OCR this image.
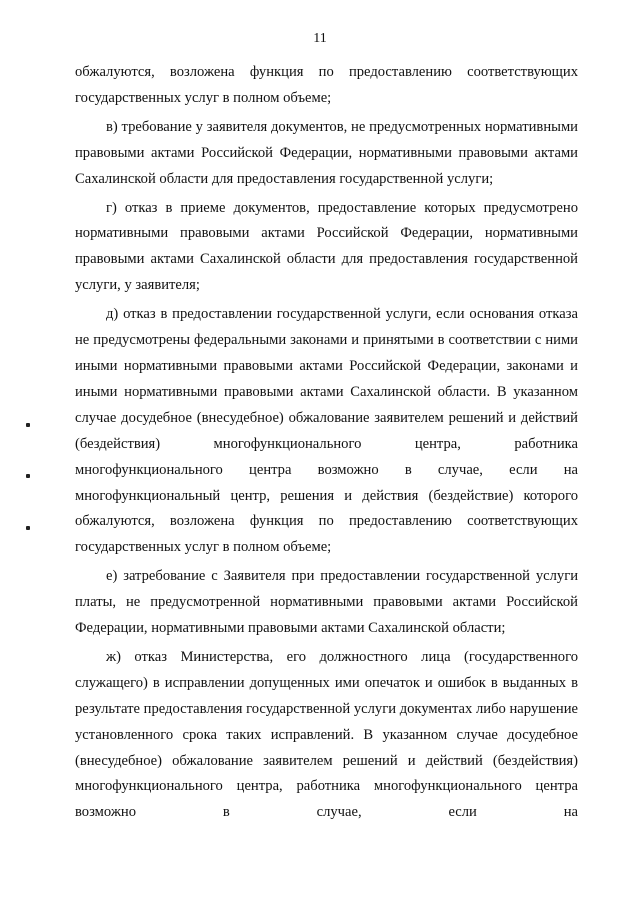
11

обжалуются, возложена функция по предоставлению соответствующих государственных услуг в полном объеме;

в) требование у заявителя документов, не предусмотренных нормативными правовыми актами Российской Федерации, нормативными правовыми актами Сахалинской области для предоставления государственной услуги;

г) отказ в приеме документов, предоставление которых предусмотрено нормативными правовыми актами Российской Федерации, нормативными правовыми актами Сахалинской области для предоставления государственной услуги, у заявителя;

д) отказ в предоставлении государственной услуги, если основания отказа не предусмотрены федеральными законами и принятыми в соответствии с ними иными нормативными правовыми актами Российской Федерации, законами и иными нормативными правовыми актами Сахалинской области. В указанном случае досудебное (внесудебное) обжалование заявителем решений и действий (бездействия) многофункционального центра, работника многофункционального центра возможно в случае, если на многофункциональный центр, решения и действия (бездействие) которого обжалуются, возложена функция по предоставлению соответствующих государственных услуг в полном объеме;

е) затребование с Заявителя при предоставлении государственной услуги платы, не предусмотренной нормативными правовыми актами Российской Федерации, нормативными правовыми актами Сахалинской области;

ж) отказ Министерства, его должностного лица (государственного служащего) в исправлении допущенных ими опечаток и ошибок в выданных в результате предоставления государственной услуги документах либо нарушение установленного срока таких исправлений. В указанном случае досудебное (внесудебное) обжалование заявителем решений и действий (бездействия) многофункционального центра, работника многофункционального центра возможно в случае, если на
